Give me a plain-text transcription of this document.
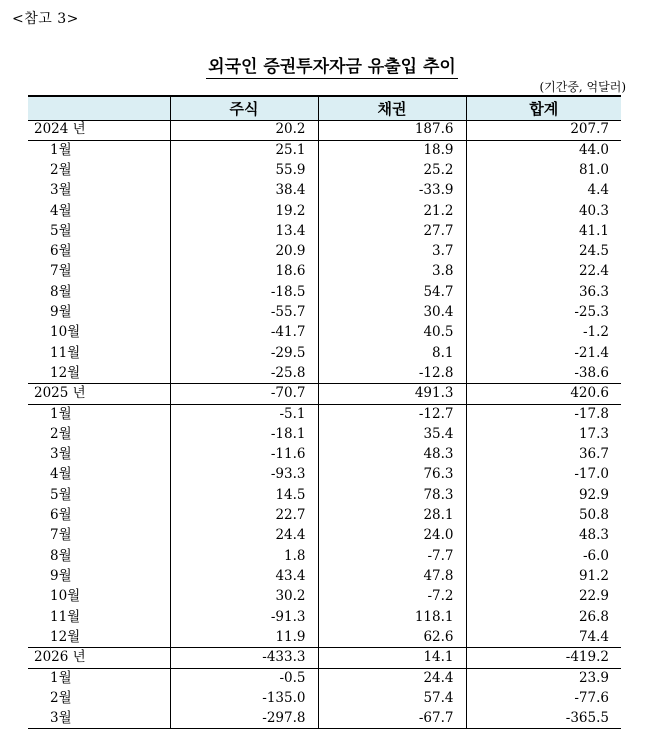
<참고 3>
외국인 증권투자자금 유출입 추이
(기간중, 억달러)
	주식	채권	합계
2024 년	20.2	187.6	207.7
1월	25.1	18.9	44.0
2월	55.9	25.2	81.0
3월	38.4	-33.9	4.4
4월	19.2	21.2	40.3
5월	13.4	27.7	41.1
6월	20.9	3.7	24.5
7월	18.6	3.8	22.4
8월	-18.5	54.7	36.3
9월	-55.7	30.4	-25.3
10월	-41.7	40.5	-1.2
11월	-29.5	8.1	-21.4
12월	-25.8	-12.8	-38.6
2025 년	-70.7	491.3	420.6
1월	-5.1	-12.7	-17.8
2월	-18.1	35.4	17.3
3월	-11.6	48.3	36.7
4월	-93.3	76.3	-17.0
5월	14.5	78.3	92.9
6월	22.7	28.1	50.8
7월	24.4	24.0	48.3
8월	1.8	-7.7	-6.0
9월	43.4	47.8	91.2
10월	30.2	-7.2	22.9
11월	-91.3	118.1	26.8
12월	11.9	62.6	74.4
2026 년	-433.3	14.1	-419.2
1월	-0.5	24.4	23.9
2월	-135.0	57.4	-77.6
3월	-297.8	-67.7	-365.5
